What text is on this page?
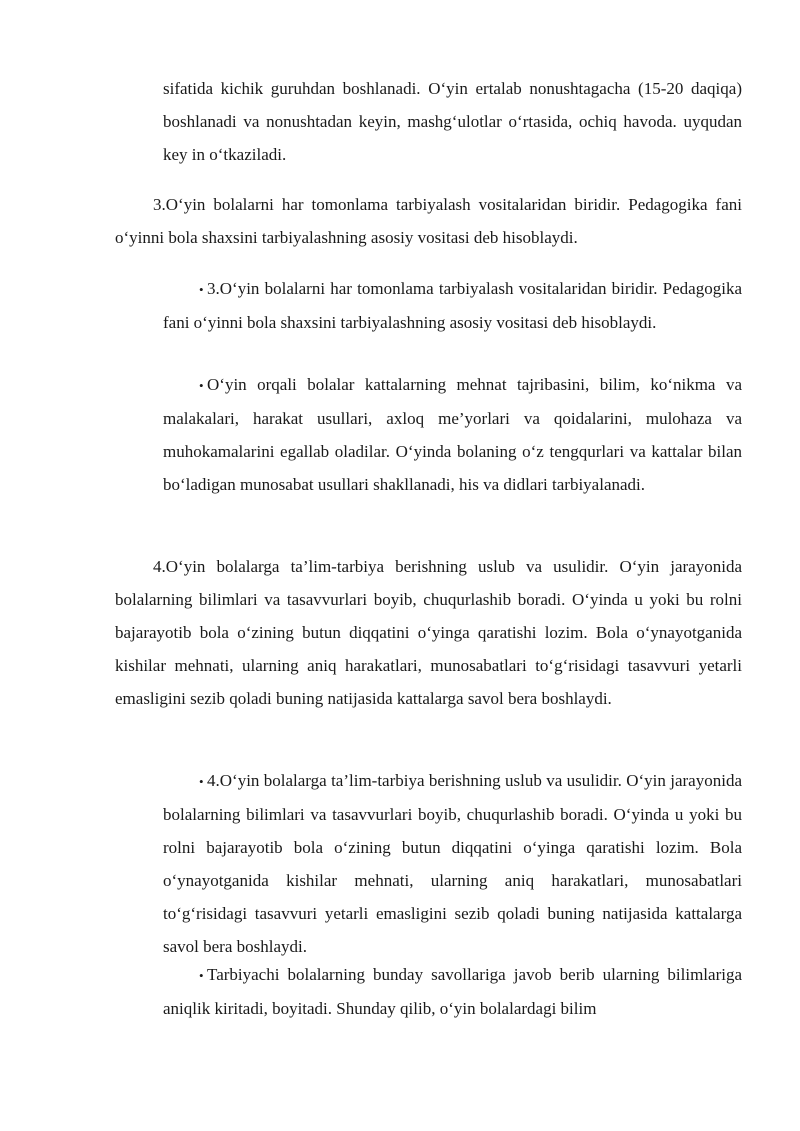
sifatida kichik guruhdan boshlanadi. O‘yin ertalab nonushtagacha (15-20 daqiqa) boshlanadi va nonushtadan keyin, mashg‘ulotlar o‘rtasida, ochiq havoda. uyqudan key in o‘tkaziladi.
3.O‘yin bolalarni har tomonlama tarbiyalash vositalaridan biridir. Pedagogika fani o‘yinni bola shaxsini tarbiyalashning asosiy vositasi deb hisoblaydi.
• 3.O‘yin bolalarni har tomonlama tarbiyalash vositalaridan biridir. Pedagogika fani o‘yinni bola shaxsini tarbiyalashning asosiy vositasi deb hisoblaydi.
• O‘yin orqali bolalar kattalarning mehnat tajribasini, bilim, ko‘nikma va malakalari, harakat usullari, axloq me’yorlari va qoidalarini, mulohaza va muhokamalarini egallab oladilar. O‘yinda bolaning o‘z tengqurlari va kattalar bilan bo‘ladigan munosabat usullari shakllanadi, his va didlari tarbiyalanadi.
4.O‘yin bolalarga ta’lim-tarbiya berishning uslub va usulidir. O‘yin jarayonida bolalarning bilimlari va tasavvurlari boyib, chuqurlashib boradi. O‘yinda u yoki bu rolni bajarayotib bola o‘zining butun diqqatini o‘yinga qaratishi lozim. Bola o‘ynayotganida kishilar mehnati, ularning aniq harakatlari, munosabatlari to‘g‘risidagi tasavvuri yetarli emasligini sezib qoladi buning natijasida kattalarga savol bera boshlaydi.
• 4.O‘yin bolalarga ta’lim-tarbiya berishning uslub va usulidir. O‘yin jarayonida bolalarning bilimlari va tasavvurlari boyib, chuqurlashib boradi. O‘yinda u yoki bu rolni bajarayotib bola o‘zining butun diqqatini o‘yinga qaratishi lozim. Bola o‘ynayotganida kishilar mehnati, ularning aniq harakatlari, munosabatlari to‘g‘risidagi tasavvuri yetarli emasligini sezib qoladi buning natijasida kattalarga savol bera boshlaydi.
• Tarbiyachi bolalarning bunday savollariga javob berib ularning bilimlariga aniqlik kiritadi, boyitadi. Shunday qilib, o‘yin bolalardagi bilim
